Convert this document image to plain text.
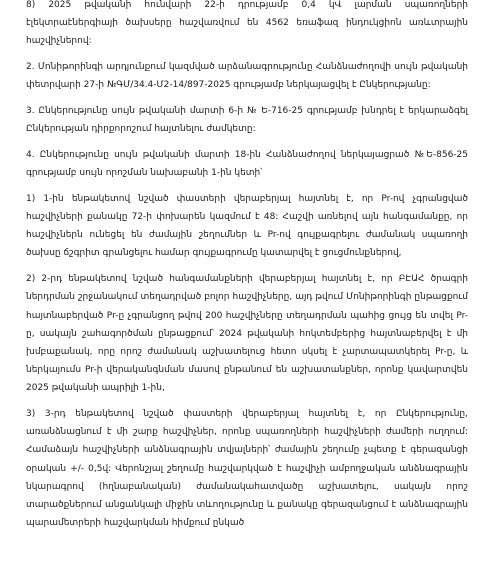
8) 2025 թվականի հունվարի 22-ի դրությամբ 0,4 կՎ լարման սպառողների էլեկտրաէներգիայի ծախսերը հաշվառվում են 4562 եռաֆազ ինդուկցիոն առևտրային հաշվիչներով:

2. Մոնիթորինգի արդյունքում կազմված արձանագրությունը Հանձնաժողովի սույն թվականի փետրվարի 27-ի №ԳՄ/34.4-Մ2-14/897-2025 գրությամբ ներկայացվել է Ընկերությանը:

3. Ընկերությունը սույն թվականի մարտի 6-ի № Ե-716-25 գրությամբ խնդրել է երկարաձգել Ընկերության դիրքորոշում հայտնելու ժամկետը:

4. Ընկերությունը սույն թվականի մարտի 18-ին Հանձնաժողով ներկայացրած №Ե-856-25 գրությամբ սույն որոշման նախաբանի 1-ին կետի՝

1) 1-ին ենթակետով նշված փաստերի վերաբերյալ հայտնել է, որ Pr-ով չգրանցված հաշվիչների քանակը 72-ի փոխարեն կազմում է 48: Հաշվի առնելով այն հանգամանքը, որ հաշվիչներն ունեցել են ժամային շեղումներ և Pr-ով գույքագրելու ժամանակ սպառողի ծախսը ճշգրիտ գրանցելու համար գույքագրումը կատարվել է ցուցմունքներով,

2) 2-րդ ենթակետով նշված հանգամանքների վերաբերյալ հայտնել է, որ ԲԷԱՀ ծրագրի ներդրման շրջանակում տեղադրված բոլոր հաշվիչները, այդ թվում Մոնիթորինգի ընթացքում հայտնաբերված Pr-ը չգրանցող թվով 200 հաշվիչները տեղադրման պահից ցույց են տվել Pr-ը, սակայն շահագործման ընթացքում՝ 2024 թվականի հոկտեմբերից հայտնաբերվել է մի խմբաքանակ, որը որոշ ժամանակ աշխատելուց հետո սկսել է չարտապատկերել Pr-ը, և ներկայումս Pr-ի վերականգնման մասով ընթանում են աշխատանքներ, որոնք կավարտվեն 2025 թվականի ապրիլի 1-ին,

3) 3-րդ ենթակետով նշված փաստերի վերաբերյալ հայտնել է, որ Ընկերությունը, առանձնացնում է մի շարք հաշվիչներ, որոնք սպառողների հաշվիչների ժամերի ուղղում: Համաձայն հաշվիչների անձնագրային տվյալների՝ ժամային շեղումը չպետք է գերազանցի օրական +/- 0,5վ: Վերոնշյալ շեղումը հաշվարկված է հաշվիչի ամբողջական անձնագրային նկարագրով (հղնաբանական) ժամանակահատվածը աշխատելու, սակայն որոշ տարածքներում անցանկալի միջին տևողությունը և քանակը գերազանցում է անձնագրային պարամետրերի հաշվարկման հիմքում ընկած
